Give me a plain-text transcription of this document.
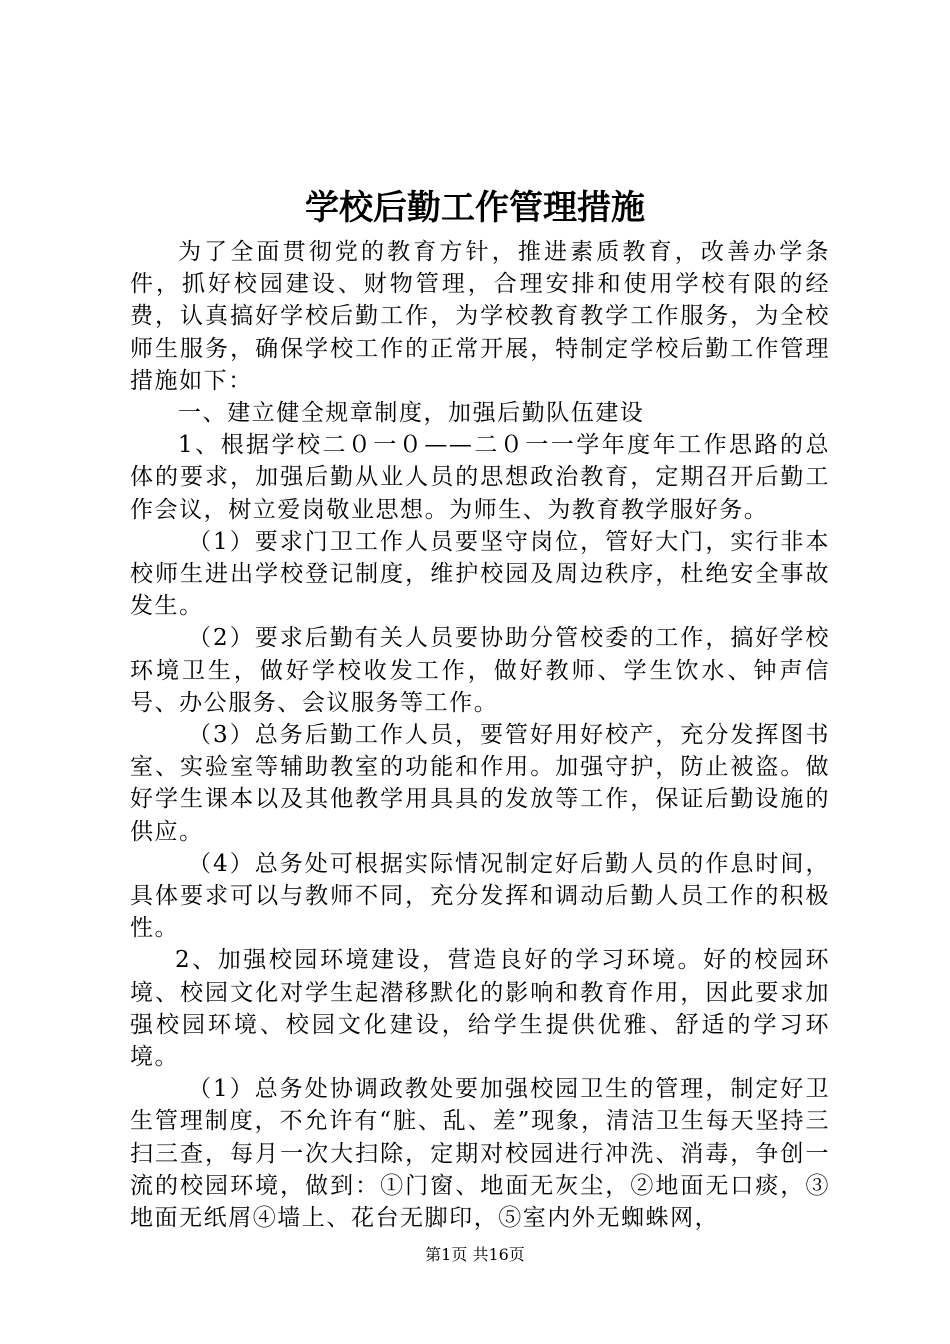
学校后勤工作管理措施

为了全面贯彻党的教育方针，推进素质教育，改善办学条件，抓好校园建设、财物管理，合理安排和使用学校有限的经费，认真搞好学校后勤工作，为学校教育教学工作服务，为全校师生服务，确保学校工作的正常开展，特制定学校后勤工作管理措施如下：

一、建立健全规章制度，加强后勤队伍建设

1、根据学校二０一０——二０一一学年度年工作思路的总体的要求，加强后勤从业人员的思想政治教育，定期召开后勤工作会议，树立爱岗敬业思想。为师生、为教育教学服好务。

（1）要求门卫工作人员要坚守岗位，管好大门，实行非本校师生进出学校登记制度，维护校园及周边秩序，杜绝安全事故发生。

（2）要求后勤有关人员要协助分管校委的工作，搞好学校环境卫生，做好学校收发工作，做好教师、学生饮水、钟声信号、办公服务、会议服务等工作。

（3）总务后勤工作人员，要管好用好校产，充分发挥图书室、实验室等辅助教室的功能和作用。加强守护，防止被盗。做好学生课本以及其他教学用具具的发放等工作，保证后勤设施的供应。

（4）总务处可根据实际情况制定好后勤人员的作息时间，具体要求可以与教师不同，充分发挥和调动后勤人员工作的积极性。

2、加强校园环境建设，营造良好的学习环境。好的校园环境、校园文化对学生起潜移默化的影响和教育作用，因此要求加强校园环境、校园文化建设，给学生提供优雅、舒适的学习环境。

（1）总务处协调政教处要加强校园卫生的管理，制定好卫生管理制度，不允许有“脏、乱、差”现象，清洁卫生每天坚持三扫三查，每月一次大扫除，定期对校园进行冲洗、消毒，争创一流的校园环境，做到：①门窗、地面无灰尘，②地面无口痰，③地面无纸屑④墙上、花台无脚印，⑤室内外无蜘蛛网，

第1页 共16页
